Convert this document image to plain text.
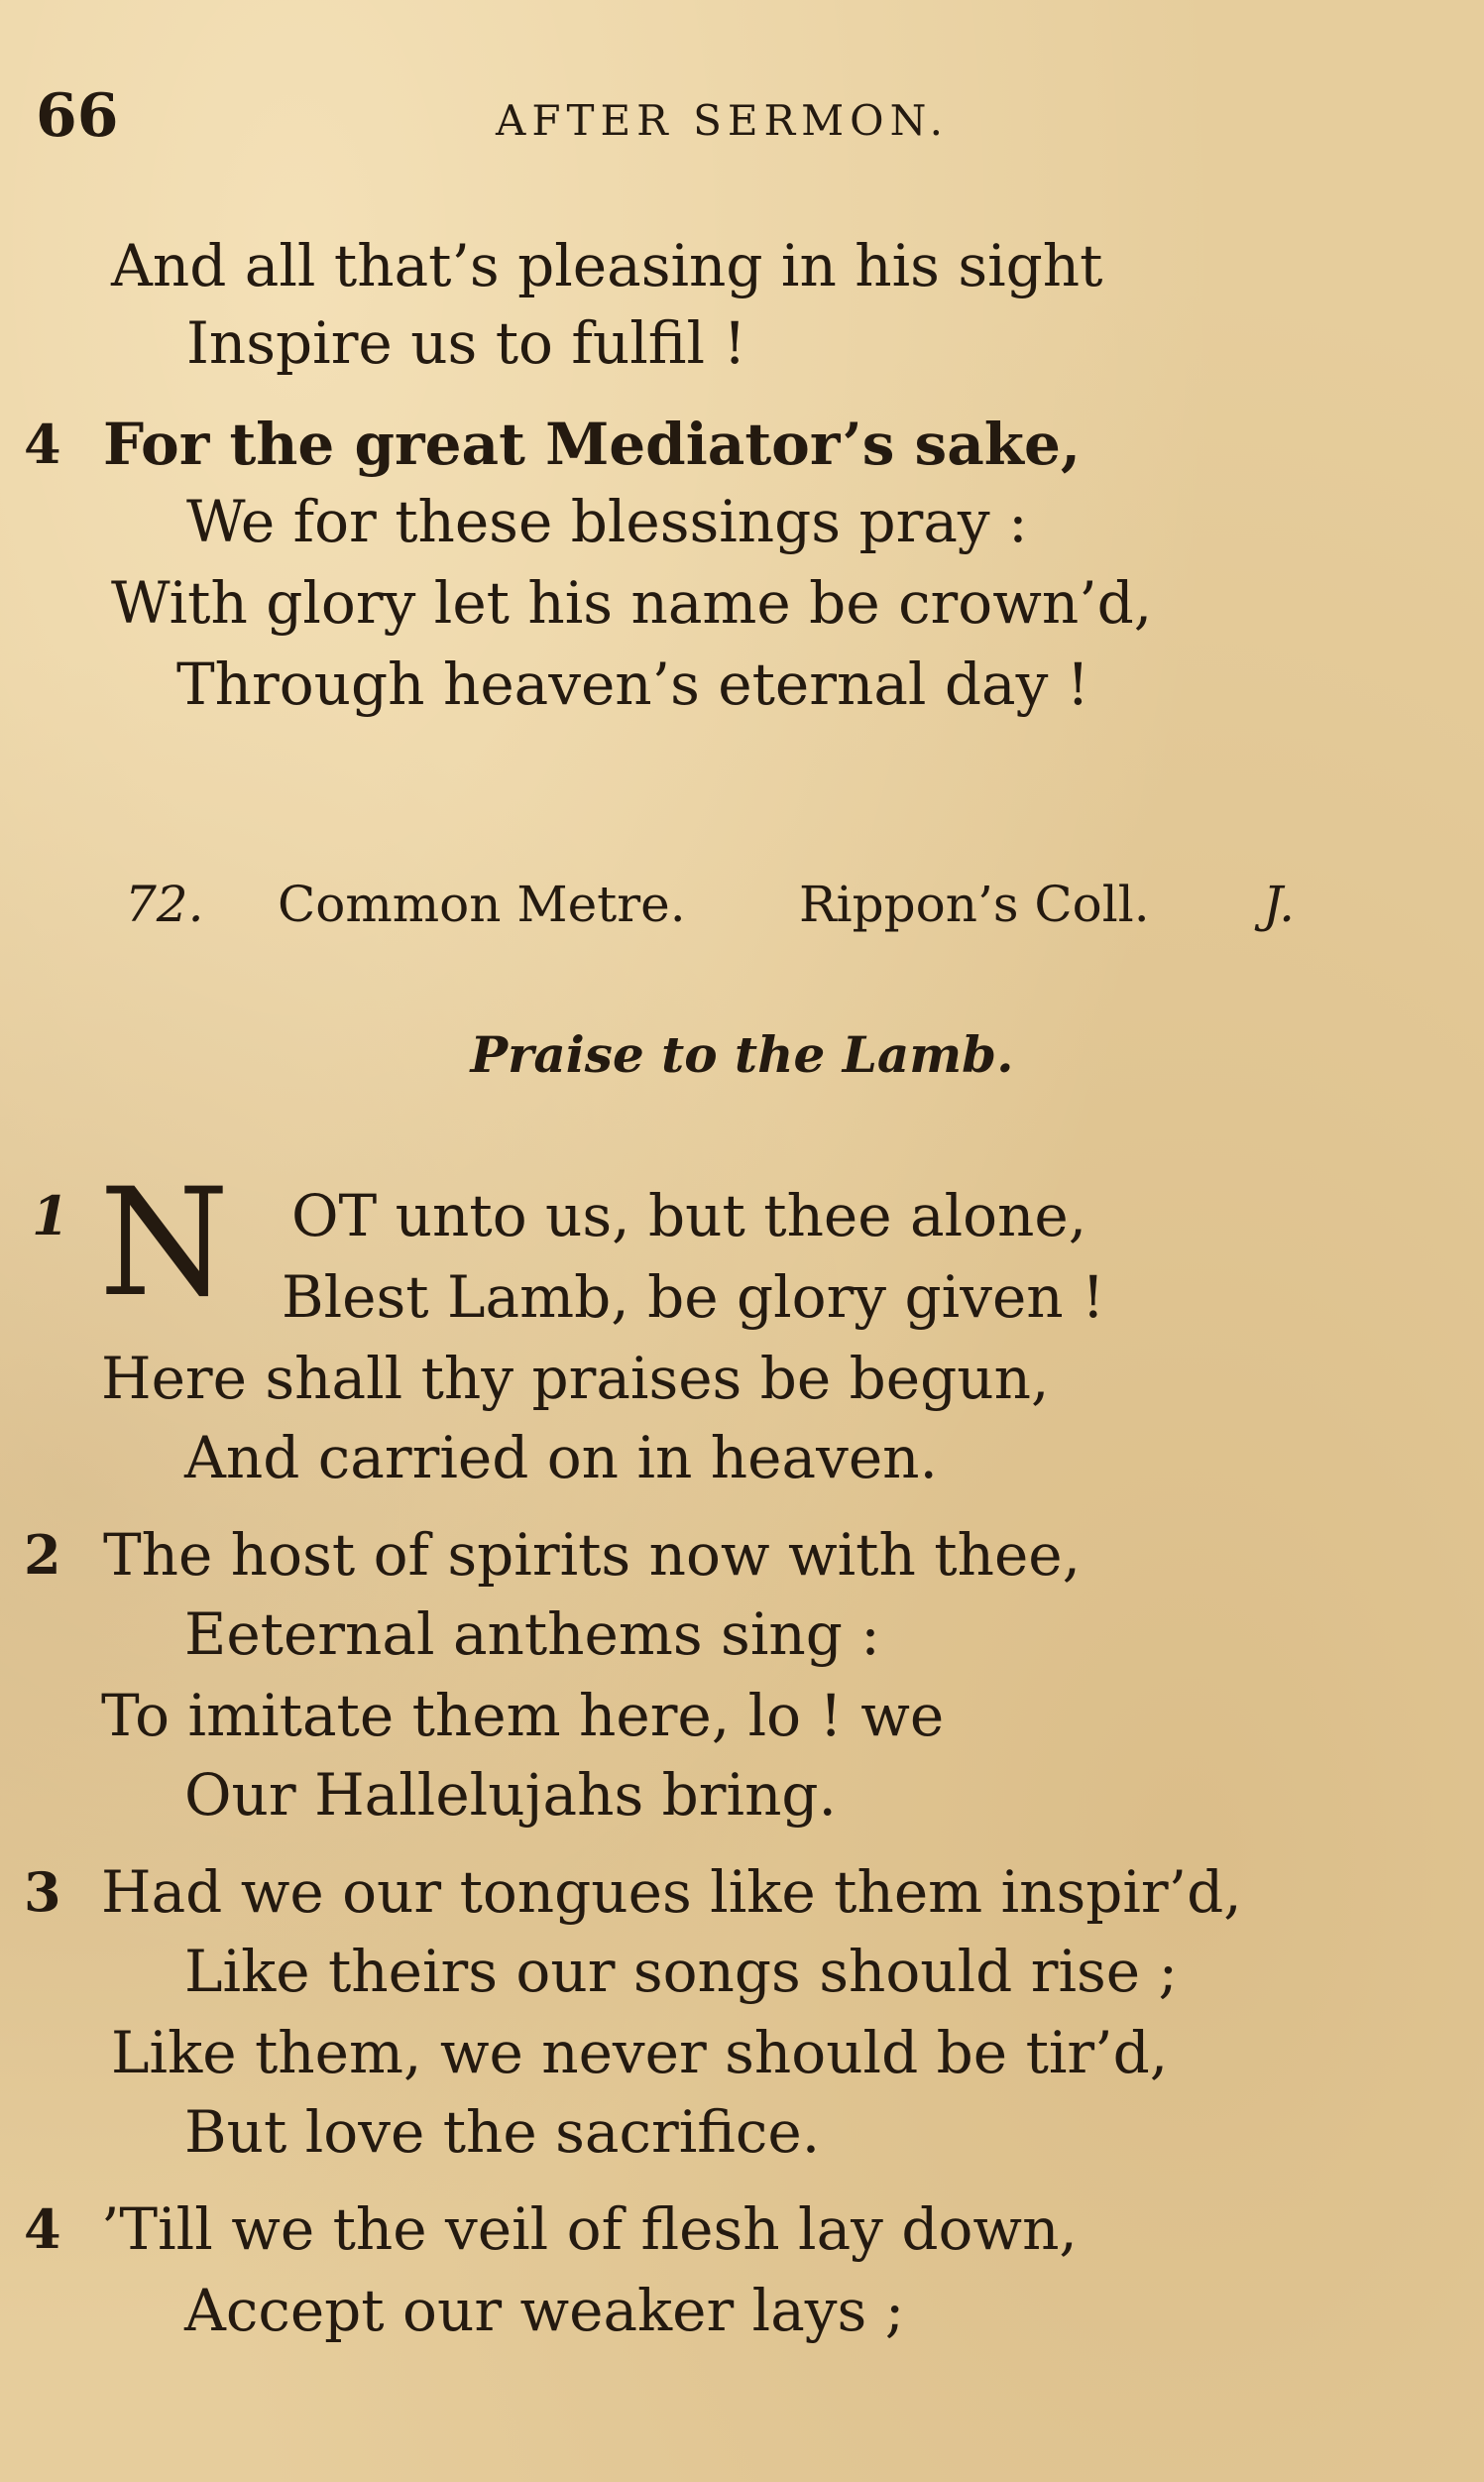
66	AFTER SERMON.
And all that’s pleasing in his sight
Inspire us to fulfil !
4 For the great Mediator’s sake,
We for these blessings pray :
With glory let his name be crown’d,
Through heaven’s eternal day !
72. Common Metre. Rippon’s Coll. J.
Praise to the Lamb.
1 N OT unto us, but thee alone,
Blest Lamb, be glory given !
Here shall thy praises be begun,
And carried on in heaven.
2 The host of spirits now with thee,
Eeternal anthems sing :
To imitate them here, lo ! we
Our Hallelujahs bring.
3 Had we our tongues like them inspir’d,
Like theirs our songs should rise ;
Like them, we never should be tir’d,
But love the sacrifice.
4 ’Till we the veil of flesh lay down,
Accept our weaker lays ;
